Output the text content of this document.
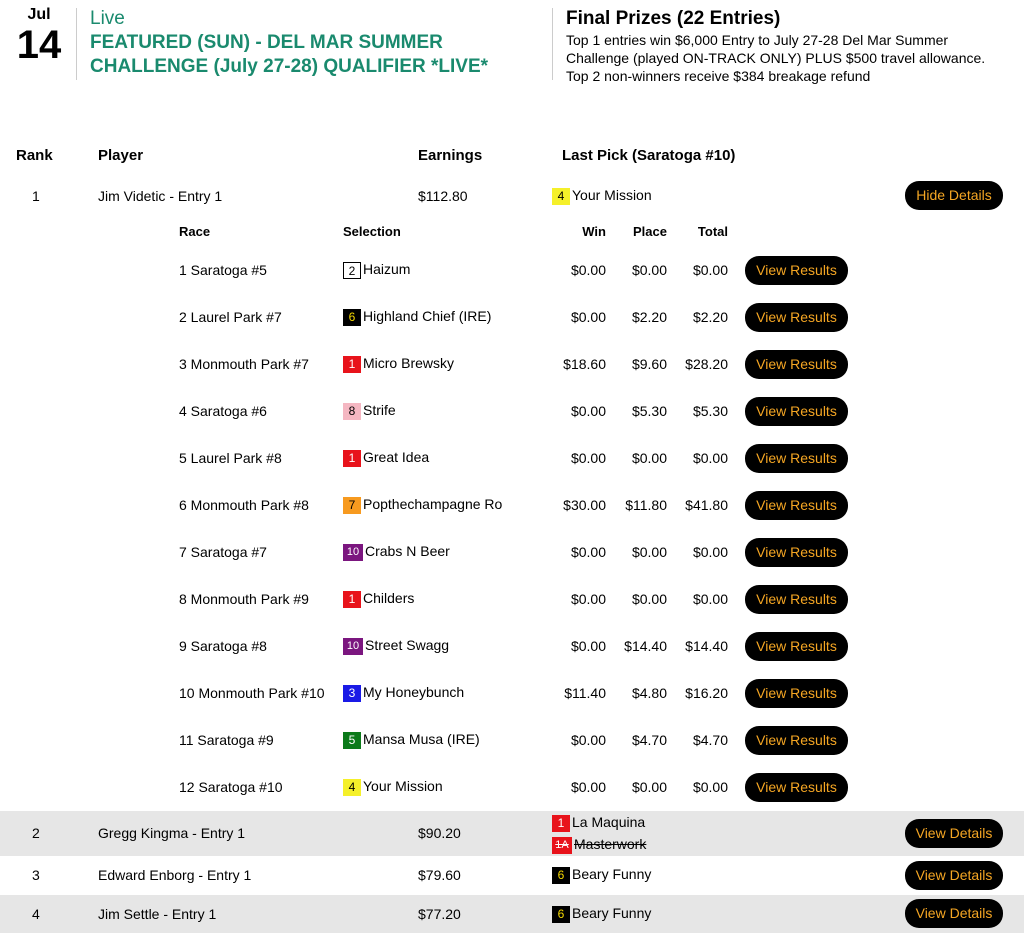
Jul
14
Live
FEATURED (SUN) - DEL MAR SUMMER
CHALLENGE (July 27-28) QUALIFIER *LIVE*
Final Prizes (22 Entries)
Top 1 entries win $6,000 Entry to July 27-28 Del Mar Summer
Challenge (played ON-TRACK ONLY) PLUS $500 travel allowance.
Top 2 non-winners receive $384 breakage refund
Rank	Player	Earnings	Last Pick (Saratoga #10)
1	Jim Videtic - Entry 1	$112.80	4 Your Mission	Hide Details
Race	Selection	Win	Place	Total
1 Saratoga #5	2 Haizum	$0.00	$0.00	$0.00	View Results
2 Laurel Park #7	6 Highland Chief (IRE)	$0.00	$2.20	$2.20	View Results
3 Monmouth Park #7	1 Micro Brewsky	$18.60	$9.60	$28.20	View Results
4 Saratoga #6	8 Strife	$0.00	$5.30	$5.30	View Results
5 Laurel Park #8	1 Great Idea	$0.00	$0.00	$0.00	View Results
6 Monmouth Park #8	7 Popthechampagne Ro	$30.00	$11.80	$41.80	View Results
7 Saratoga #7	10 Crabs N Beer	$0.00	$0.00	$0.00	View Results
8 Monmouth Park #9	1 Childers	$0.00	$0.00	$0.00	View Results
9 Saratoga #8	10 Street Swagg	$0.00	$14.40	$14.40	View Results
10 Monmouth Park #10	3 My Honeybunch	$11.40	$4.80	$16.20	View Results
11 Saratoga #9	5 Mansa Musa (IRE)	$0.00	$4.70	$4.70	View Results
12 Saratoga #10	4 Your Mission	$0.00	$0.00	$0.00	View Results
2	Gregg Kingma - Entry 1	$90.20
1 La Maquina
1A Masterwork
View Details
3	Edward Enborg - Entry 1	$79.60	6 Beary Funny	View Details
4	Jim Settle - Entry 1	$77.20	6 Beary Funny	View Details
